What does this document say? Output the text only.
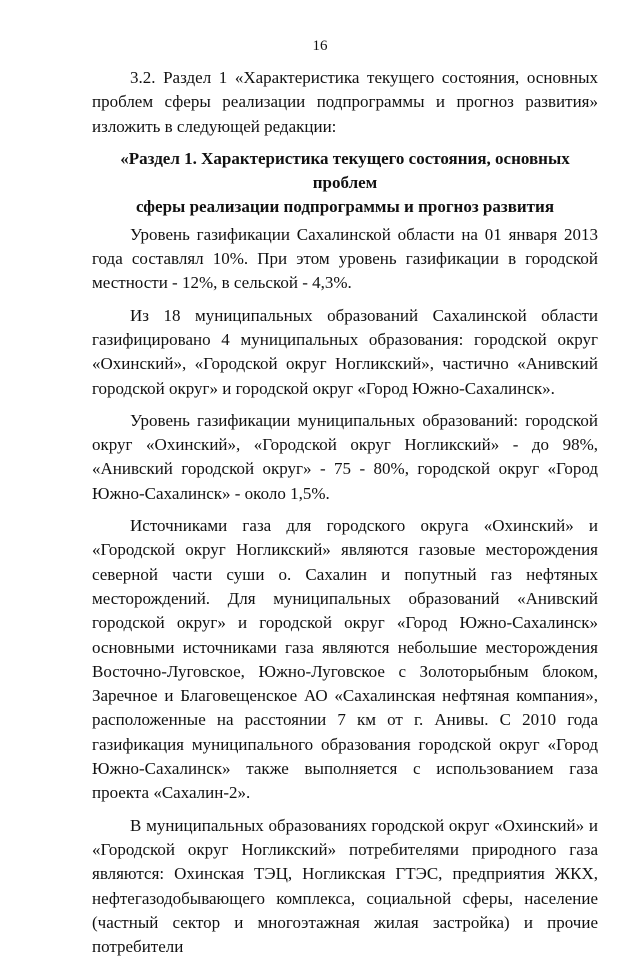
16

3.2. Раздел 1 «Характеристика текущего состояния, основных проблем сферы реализации подпрограммы и прогноз развития» изложить в следующей редакции:

«Раздел 1. Характеристика текущего состояния, основных проблем
сферы реализации подпрограммы и прогноз развития

Уровень газификации Сахалинской области на 01 января 2013 года составлял 10%. При этом уровень газификации в городской местности - 12%, в сельской - 4,3%.

Из 18 муниципальных образований Сахалинской области газифицировано 4 муниципальных образования: городской округ «Охинский», «Городской округ Ногликский», частично «Анивский городской округ» и городской округ «Город Южно-Сахалинск».

Уровень газификации муниципальных образований: городской округ «Охинский», «Городской округ Ногликский» - до 98%, «Анивский городской округ» - 75 - 80%, городской округ «Город Южно-Сахалинск» - около 1,5%.

Источниками газа для городского округа «Охинский» и «Городской округ Ногликский» являются газовые месторождения северной части суши о. Сахалин и попутный газ нефтяных месторождений. Для муниципальных образований «Анивский городской округ» и городской округ «Город Южно-Сахалинск» основными источниками газа являются небольшие месторождения Восточно-Луговское, Южно-Луговское с Золоторыбным блоком, Заречное и Благовещенское АО «Сахалинская нефтяная компания», расположенные на расстоянии 7 км от г. Анивы. С 2010 года газификация муниципального образования городской округ «Город Южно-Сахалинск» также выполняется с использованием газа проекта «Сахалин-2».

В муниципальных образованиях городской округ «Охинский» и «Городской округ Ногликский» потребителями природного газа являются: Охинская ТЭЦ, Ногликская ГТЭС, предприятия ЖКХ, нефтегазодобывающего комплекса, социальной сферы, население (частный сектор и многоэтажная жилая застройка) и прочие потребители
